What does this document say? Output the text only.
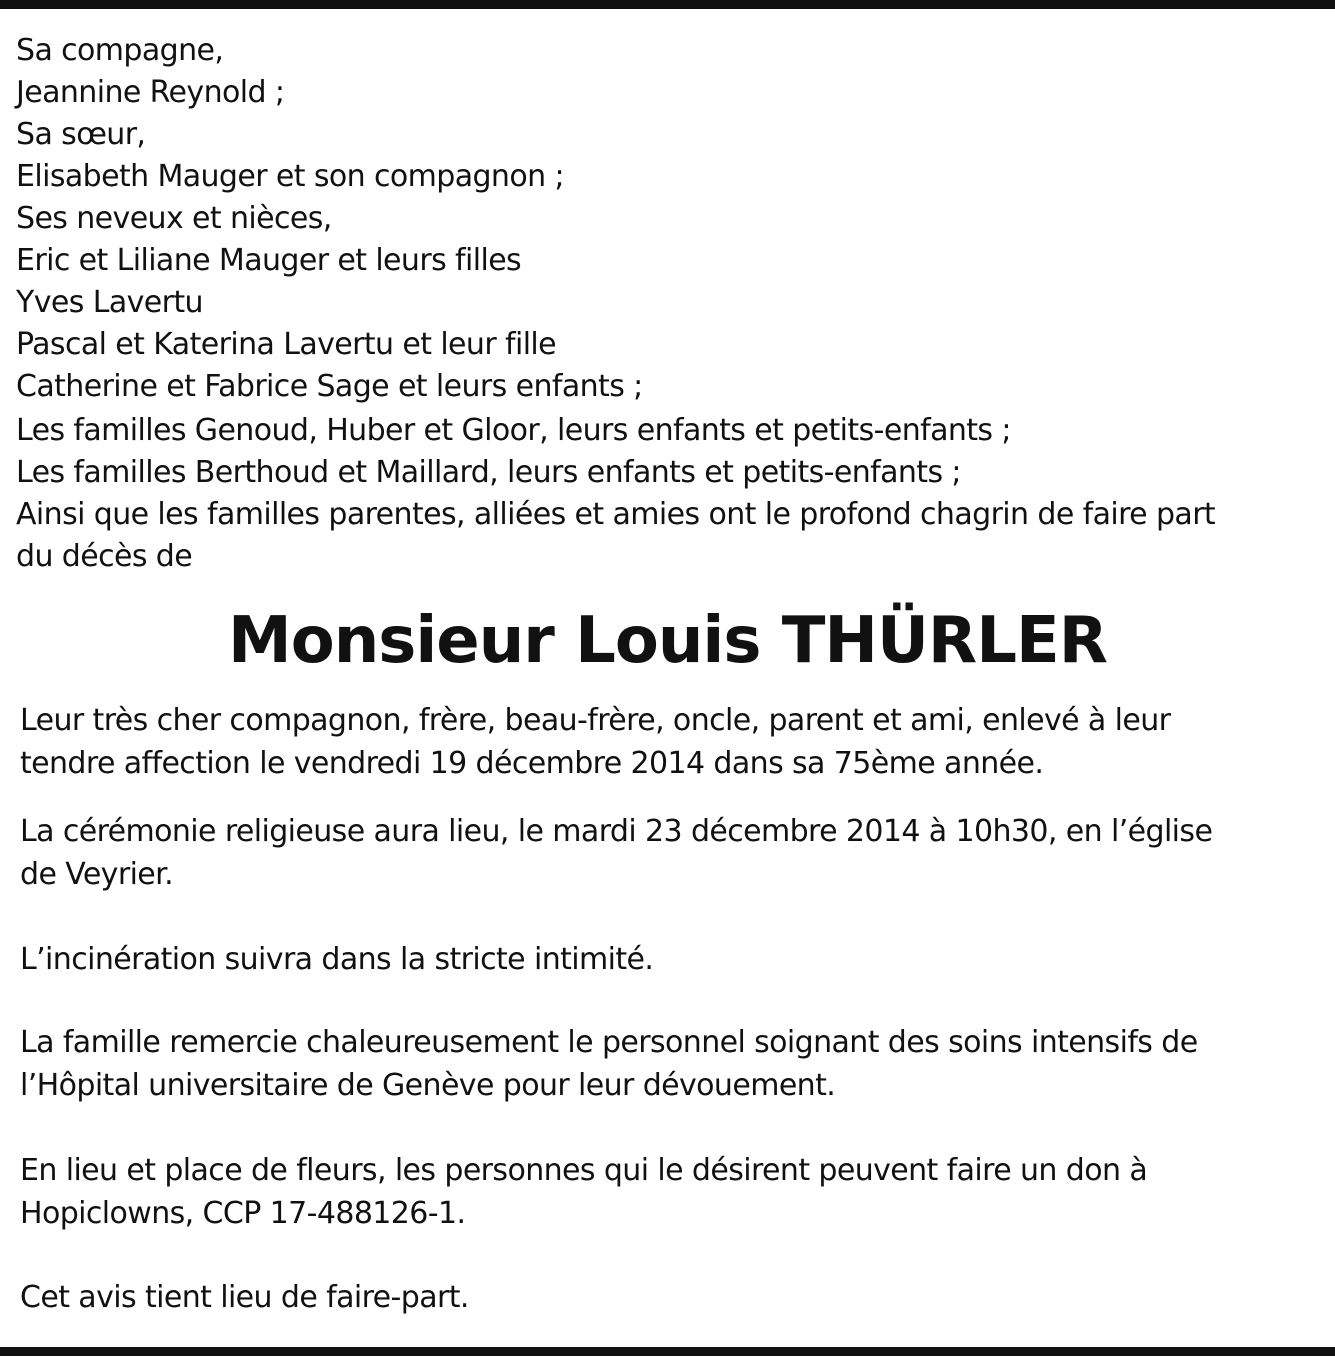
Sa compagne,
Jeannine Reynold ;
Sa sœur,
Elisabeth Mauger et son compagnon ;
Ses neveux et nièces,
Eric et Liliane Mauger et leurs filles
Yves Lavertu
Pascal et Katerina Lavertu et leur fille
Catherine et Fabrice Sage et leurs enfants ;
Les familles Genoud, Huber et Gloor, leurs enfants et petits-enfants ;
Les familles Berthoud et Maillard, leurs enfants et petits-enfants ;
Ainsi que les familles parentes, alliées et amies ont le profond chagrin de faire part
du décès de
Monsieur Louis THÜRLER
Leur très cher compagnon, frère, beau-frère, oncle, parent et ami, enlevé à leur
tendre affection le vendredi 19 décembre 2014 dans sa 75ème année.
La cérémonie religieuse aura lieu, le mardi 23 décembre 2014 à 10h30, en l’église
de Veyrier.
L’incinération suivra dans la stricte intimité.
La famille remercie chaleureusement le personnel soignant des soins intensifs de
l’Hôpital universitaire de Genève pour leur dévouement.
En lieu et place de fleurs, les personnes qui le désirent peuvent faire un don à
Hopiclowns, CCP 17-488126-1.
Cet avis tient lieu de faire-part.
